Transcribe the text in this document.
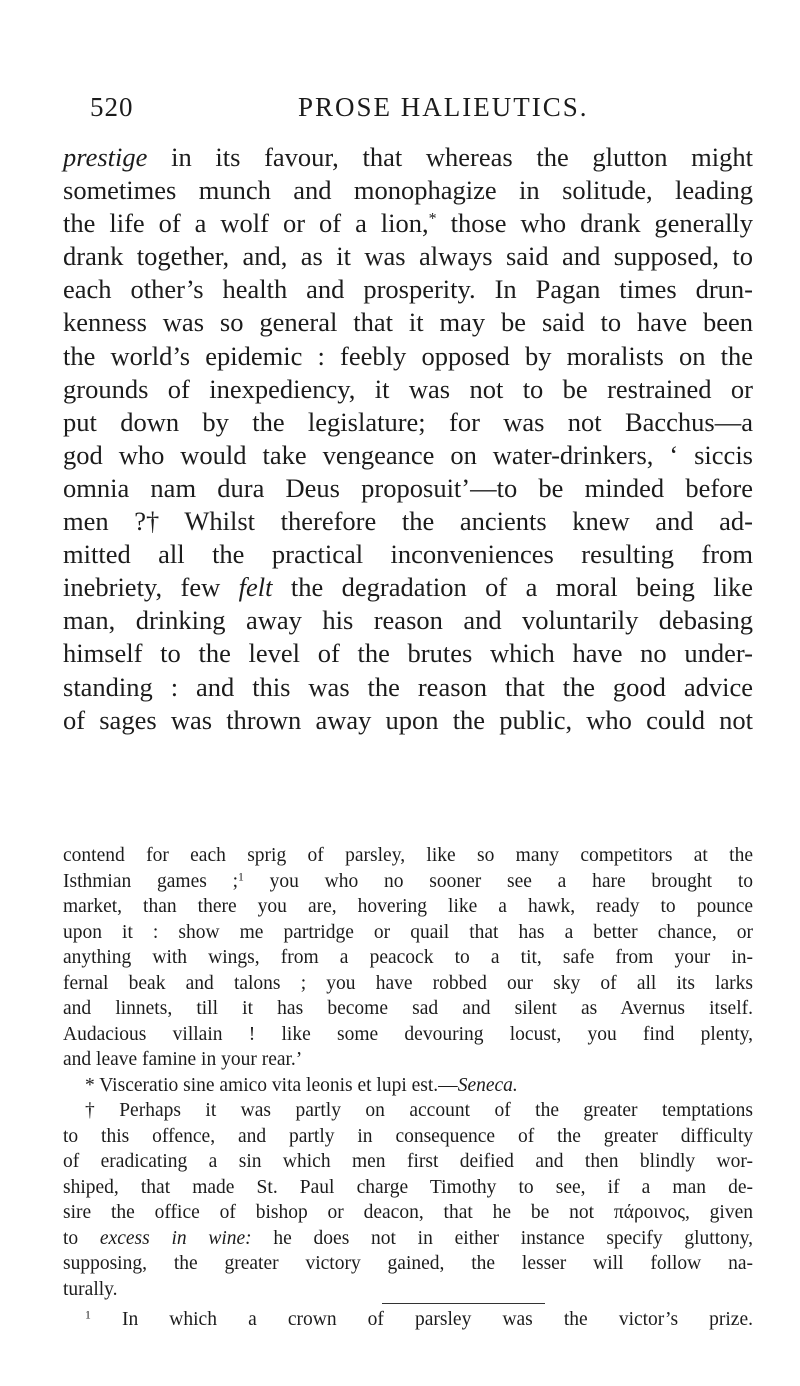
520	PROSE HALIEUTICS.
prestige in its favour, that whereas the glutton might
sometimes munch and monophagize in solitude, leading
the life of a wolf or of a lion,* those who drank generally
drank together, and, as it was always said and supposed, to
each other’s health and prosperity. In Pagan times drun-
kenness was so general that it may be said to have been
the world’s epidemic : feebly opposed by moralists on the
grounds of inexpediency, it was not to be restrained or
put down by the legislature; for was not Bacchus—a
god who would take vengeance on water-drinkers, ‘ siccis
omnia nam dura Deus proposuit’—to be minded before
men ?† Whilst therefore the ancients knew and ad-
mitted all the practical inconveniences resulting from
inebriety, few felt the degradation of a moral being like
man, drinking away his reason and voluntarily debasing
himself to the level of the brutes which have no under-
standing : and this was the reason that the good advice
of sages was thrown away upon the public, who could not
contend for each sprig of parsley, like so many competitors at the
Isthmian games ;$^1$ you who no sooner see a hare brought to
market, than there you are, hovering like a hawk, ready to pounce
upon it : show me partridge or quail that has a better chance, or
anything with wings, from a peacock to a tit, safe from your in-
fernal beak and talons ; you have robbed our sky of all its larks
and linnets, till it has become sad and silent as Avernus itself.
Audacious villain ! like some devouring locust, you find plenty,
and leave famine in your rear.’
* Visceratio sine amico vita leonis et lupi est.—Seneca.
† Perhaps it was partly on account of the greater temptations
to this offence, and partly in consequence of the greater difficulty
of eradicating a sin which men first deified and then blindly wor-
shiped, that made St. Paul charge Timothy to see, if a man de-
sire the office of bishop or deacon, that he be not πάροινος, given
to excess in wine: he does not in either instance specify gluttony,
supposing, the greater victory gained, the lesser will follow na-
turally.
$^1$ In which a crown of parsley was the victor’s prize.
